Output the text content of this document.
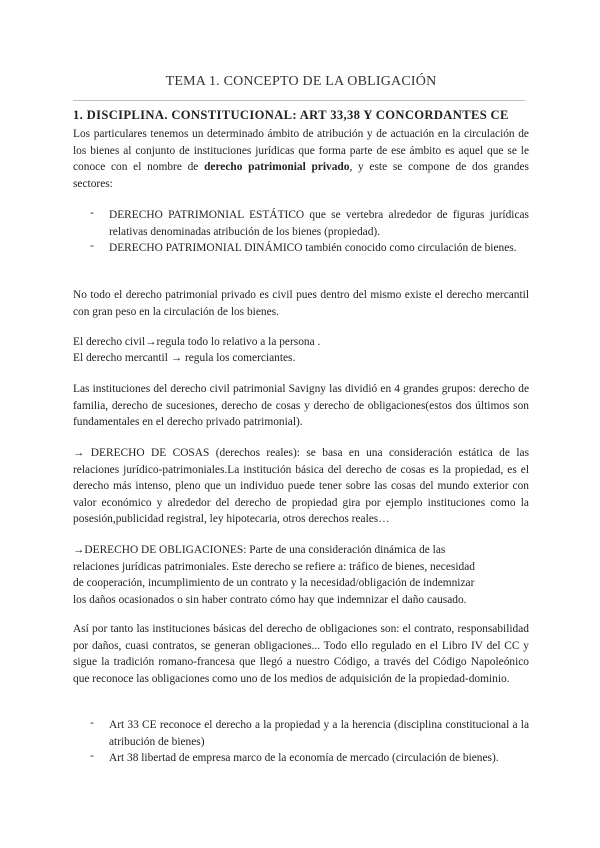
TEMA 1. CONCEPTO DE LA OBLIGACIÓN
1. DISCIPLINA. CONSTITUCIONAL: ART 33,38 Y CONCORDANTES CE
Los particulares tenemos un determinado ámbito de atribución y de actuación en la circulación de los bienes al conjunto de instituciones jurídicas que forma parte de ese ámbito es aquel que se le conoce con el nombre de derecho patrimonial privado, y este se compone de dos grandes sectores:
- DERECHO PATRIMONIAL ESTÁTICO que se vertebra alrededor de figuras jurídicas relativas denominadas atribución de los bienes (propiedad).
- DERECHO PATRIMONIAL DINÁMICO también conocido como circulación de bienes.
No todo el derecho patrimonial privado es civil pues dentro del mismo existe el derecho mercantil con gran peso en la circulación de los bienes.
El derecho civil→regula todo lo relativo a la persona .
El derecho mercantil → regula los comerciantes.
Las instituciones del derecho civil patrimonial Savigny las dividió en 4 grandes grupos: derecho de familia, derecho de sucesiones, derecho de cosas y derecho de obligaciones(estos dos últimos son fundamentales en el derecho privado patrimonial).
→ DERECHO DE COSAS (derechos reales): se basa en una consideración estática de las relaciones jurídico-patrimoniales.La institución básica del derecho de cosas es la propiedad, es el derecho más intenso, pleno que un individuo puede tener sobre las cosas del mundo exterior con valor económico y alrededor del derecho de propiedad gira por ejemplo instituciones como la posesión,publicidad registral, ley hipotecaria, otros derechos reales…
→DERECHO DE OBLIGACIONES: Parte de una consideración dinámica de las
relaciones jurídicas patrimoniales. Este derecho se refiere a: tráfico de bienes, necesidad
de cooperación, incumplimiento de un contrato y la necesidad/obligación de indemnizar
los daños ocasionados o sin haber contrato cómo hay que indemnizar el daño causado.
Así por tanto las instituciones básicas del derecho de obligaciones son: el contrato, responsabilidad por daños, cuasi contratos, se generan obligaciones... Todo ello regulado en el Libro IV del CC y sigue la tradición romano-francesa que llegó a nuestro Código, a través del Código Napoleónico que reconoce las obligaciones como uno de los medios de adquisición de la propiedad-dominio.
- Art 33 CE reconoce el derecho a la propiedad y a la herencia (disciplina constitucional a la atribución de bienes)
- Art 38 libertad de empresa marco de la economía de mercado (circulación de bienes).
